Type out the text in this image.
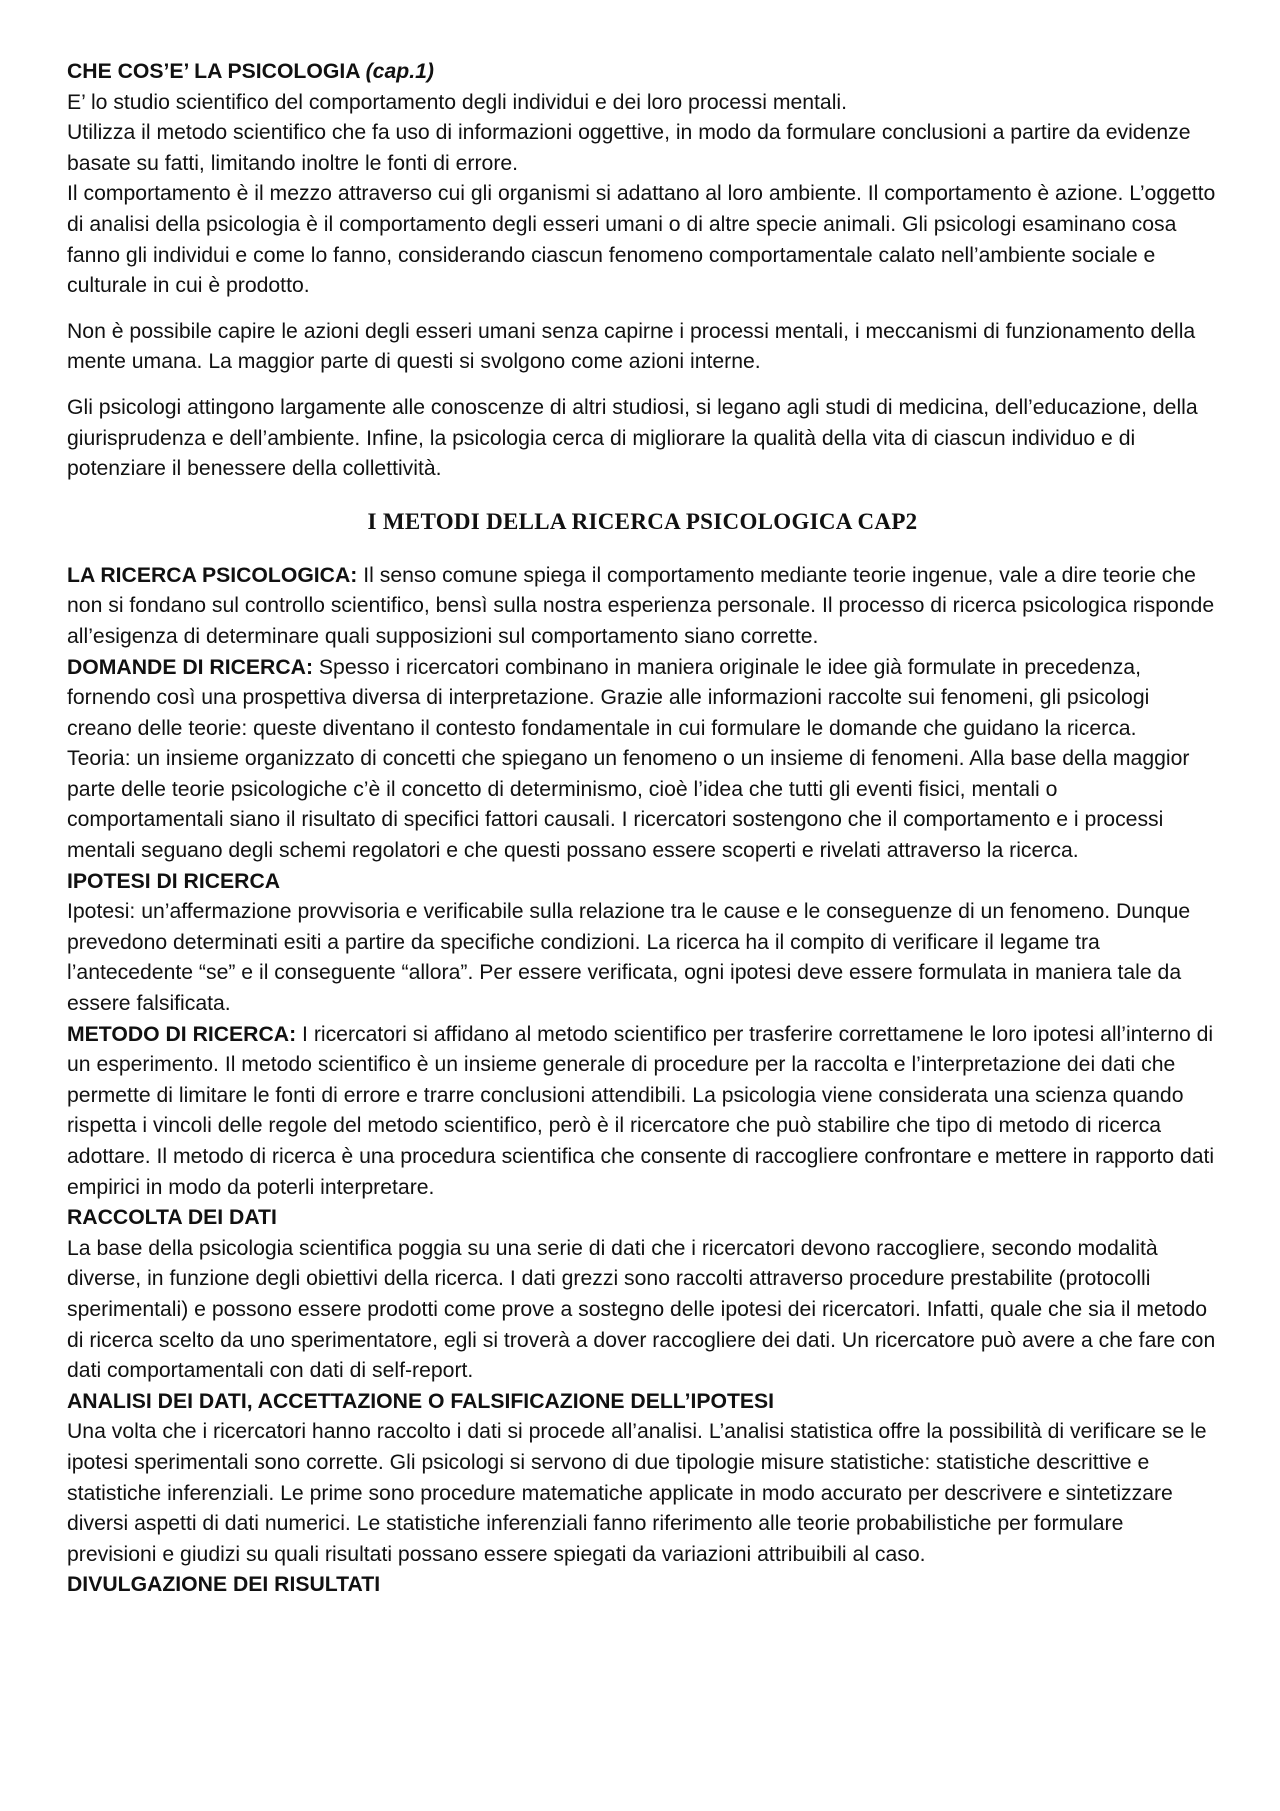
CHE COS’E’ LA PSICOLOGIA (cap.1)

E’ lo studio scientifico del comportamento degli individui e dei loro processi mentali.

Utilizza il metodo scientifico che fa uso di informazioni oggettive, in modo da formulare conclusioni a partire da evidenze basate su fatti, limitando inoltre le fonti di errore.

Il comportamento è il mezzo attraverso cui gli organismi si adattano al loro ambiente. Il comportamento è azione. L’oggetto di analisi della psicologia è il comportamento degli esseri umani o di altre specie animali. Gli psicologi esaminano cosa fanno gli individui e come lo fanno, considerando ciascun fenomeno comportamentale calato nell’ambiente sociale e culturale in cui è prodotto.

Non è possibile capire le azioni degli esseri umani senza capirne i processi mentali, i meccanismi di funzionamento della mente umana. La maggior parte di questi si svolgono come azioni interne.

Gli psicologi attingono largamente alle conoscenze di altri studiosi, si legano agli studi di medicina, dell’educazione, della giurisprudenza e dell’ambiente. Infine, la psicologia cerca di migliorare la qualità della vita di ciascun individuo e di potenziare il benessere della collettività.

I METODI DELLA RICERCA PSICOLOGICA CAP2

LA RICERCA PSICOLOGICA: Il senso comune spiega il comportamento mediante teorie ingenue, vale a dire teorie che non si fondano sul controllo scientifico, bensì sulla nostra esperienza personale. Il processo di ricerca psicologica risponde all’esigenza di determinare quali supposizioni sul comportamento siano corrette.

DOMANDE DI RICERCA: Spesso i ricercatori combinano in maniera originale le idee già formulate in precedenza, fornendo così una prospettiva diversa di interpretazione. Grazie alle informazioni raccolte sui fenomeni, gli psicologi creano delle teorie: queste diventano il contesto fondamentale in cui formulare le domande che guidano la ricerca.

Teoria: un insieme organizzato di concetti che spiegano un fenomeno o un insieme di fenomeni. Alla base della maggior parte delle teorie psicologiche c’è il concetto di determinismo, cioè l’idea che tutti gli eventi fisici, mentali o comportamentali siano il risultato di specifici fattori causali. I ricercatori sostengono che il comportamento e i processi mentali seguano degli schemi regolatori e che questi possano essere scoperti e rivelati attraverso la ricerca.

IPOTESI DI RICERCA

Ipotesi: un’affermazione provvisoria e verificabile sulla relazione tra le cause e le conseguenze di un fenomeno. Dunque prevedono determinati esiti a partire da specifiche condizioni. La ricerca ha il compito di verificare il legame tra l’antecedente “se” e il conseguente “allora”. Per essere verificata, ogni ipotesi deve essere formulata in maniera tale da essere falsificata.

METODO DI RICERCA: I ricercatori si affidano al metodo scientifico per trasferire correttamene le loro ipotesi all’interno di un esperimento. Il metodo scientifico è un insieme generale di procedure per la raccolta e l’interpretazione dei dati che permette di limitare le fonti di errore e trarre conclusioni attendibili. La psicologia viene considerata una scienza quando rispetta i vincoli delle regole del metodo scientifico, però è il ricercatore che può stabilire che tipo di metodo di ricerca adottare. Il metodo di ricerca è una procedura scientifica che consente di raccogliere confrontare e mettere in rapporto dati empirici in modo da poterli interpretare.

RACCOLTA DEI DATI

La base della psicologia scientifica poggia su una serie di dati che i ricercatori devono raccogliere, secondo modalità diverse, in funzione degli obiettivi della ricerca. I dati grezzi sono raccolti attraverso procedure prestabilite (protocolli sperimentali) e possono essere prodotti come prove a sostegno delle ipotesi dei ricercatori. Infatti, quale che sia il metodo di ricerca scelto da uno sperimentatore, egli si troverà a dover raccogliere dei dati. Un ricercatore può avere a che fare con dati comportamentali con dati di self-report.

ANALISI DEI DATI, ACCETTAZIONE O FALSIFICAZIONE DELL’IPOTESI

Una volta che i ricercatori hanno raccolto i dati si procede all’analisi. L’analisi statistica offre la possibilità di verificare se le ipotesi sperimentali sono corrette. Gli psicologi si servono di due tipologie misure statistiche: statistiche descrittive e statistiche inferenziali. Le prime sono procedure matematiche applicate in modo accurato per descrivere e sintetizzare diversi aspetti di dati numerici. Le statistiche inferenziali fanno riferimento alle teorie probabilistiche per formulare previsioni e giudizi su quali risultati possano essere spiegati da variazioni attribuibili al caso.

DIVULGAZIONE DEI RISULTATI
